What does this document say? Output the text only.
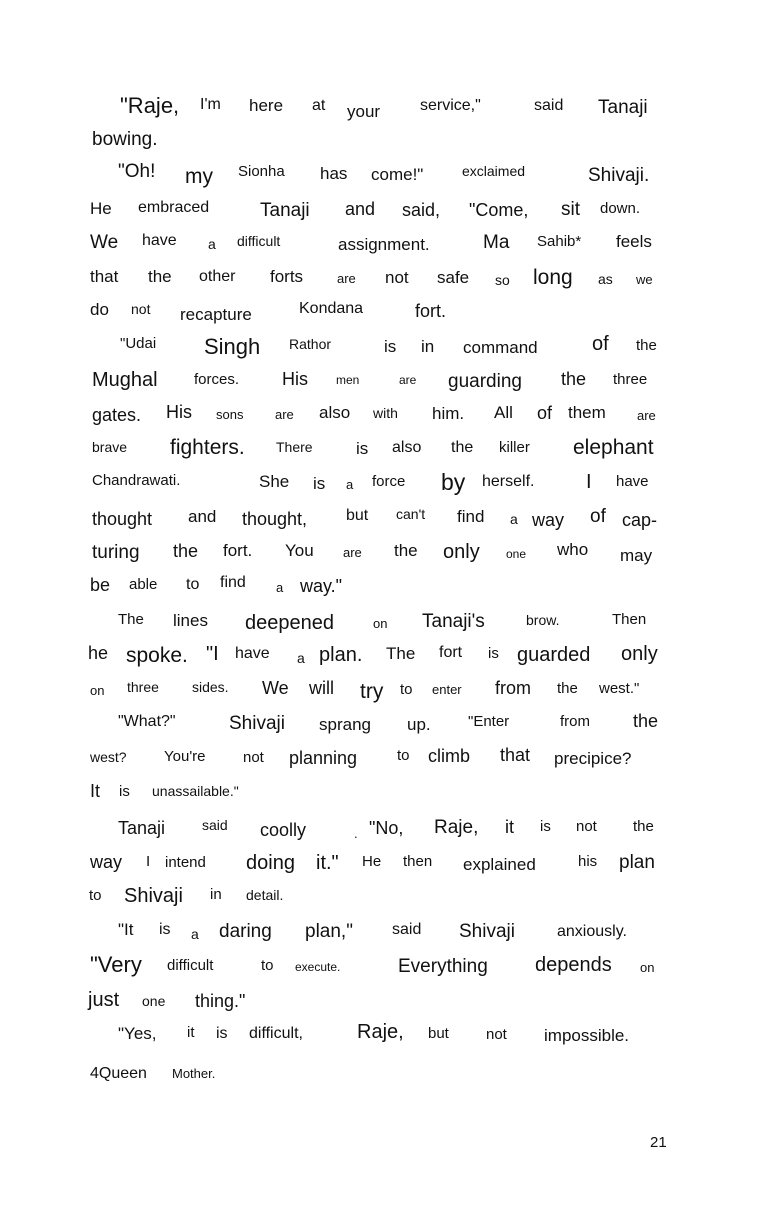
"Raje, I'm here at your service,"	said Tanaji
bowing.
"Oh! my Sionha has come!"	exclaimed	Shivaji.
He embraced	Tanaji and said, "Come, sit down.
We have a difficult	assignment.	Ma Sahib* feels
that the other forts	are not safe so long as we
do not recapture	Kondana	fort.
"Udai Singh Rathor	is in command	of the
Mughal forces. His men	are guarding the three
gates. His sons are also with him. All of them are
brave fighters. There	is also the killer elephant
Chandrawati.	She is a force by herself.	I have
thought and thought, but can't find a way of cap-
turing the fort. You are the only one who may
be able to find a way."
The lines deepened	on Tanaji's	brow.	Then
he spoke. "I have a plan. The fort is guarded only
on three sides. We will try to enter from the west."
"What?"	Shivaji sprang up. "Enter	from the
west? You're not planning	to climb that precipice?
It is unassailable."
Tanaji	said coolly	. "No, Raje, it is not the
way I intend doing it." He then explained	his plan
to Shivaji in detail.
"It is a daring plan," said Shivaji	anxiously.
"Very difficult	to execute.	Everything depends on
just one thing."
"Yes, it is difficult,	Raje, but not impossible.
4Queen Mother.
21
